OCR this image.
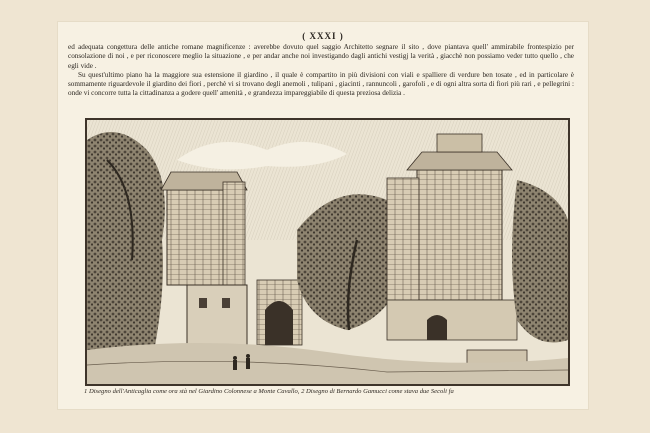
( XXXI )

ed adequata congettura delle antiche romane magnificenze : averebbe dovuto quel saggio Architetto segnare il sito , dove piantava quell' ammirabile frontespizio per consolazione di noi , e per riconoscere meglio la situazione , e per andar anche noi investigando dagli antichi vestigj la verità , giacchè non possiamo veder tutto quello , che egli vide .

Su quest'ultimo piano ha la maggiore sua estensione il giardino , il quale è compartito in più divisioni con viali e spalliere di verdure ben tosate , ed in particolare è sommamente riguardevole il giardino dei fiori , perchè vi si trovano degli anemoli , tulipani , giacinti , rannuncoli , garofoli , e di ogni altra sorta di fiori più rari , e pellegrini : onde vi concorre tutta la cittadinanza a godere quell' amenità , e grandezza impareggiabile di questa preziosa delizia .

1 Disegno dell'Anticaglia come ora stà nel Giardino Colonnese a Monte Cavallo, 2 Disegno di Bernardo Gamucci come stava due Secoli fa
